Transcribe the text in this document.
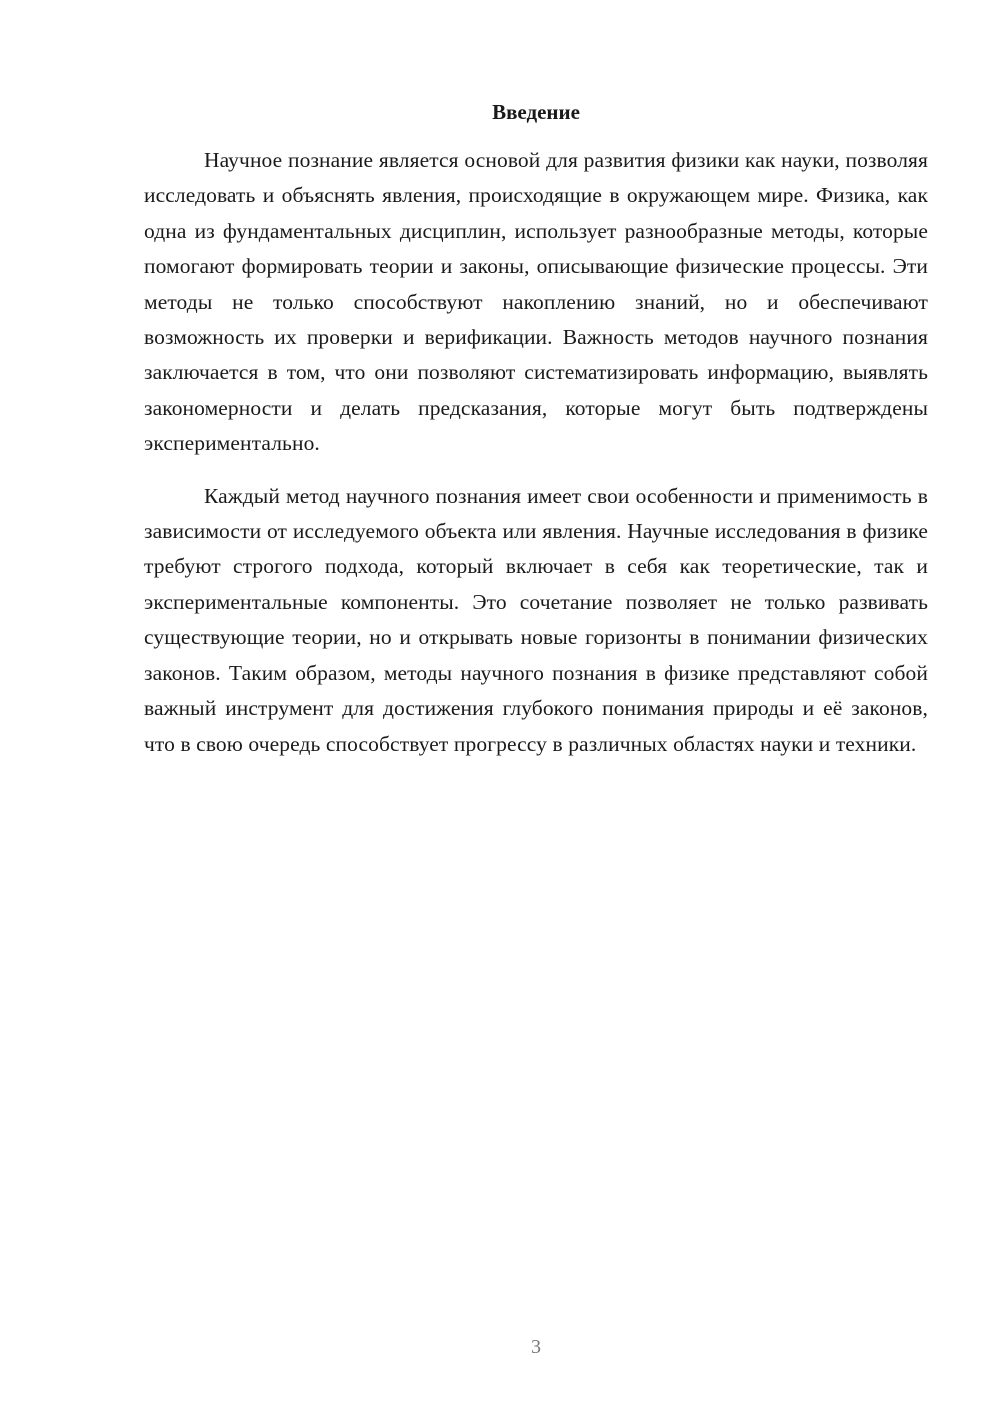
Введение

Научное познание является основой для развития физики как науки, позволяя исследовать и объяснять явления, происходящие в окружающем мире. Физика, как одна из фундаментальных дисциплин, использует разнообразные методы, которые помогают формировать теории и законы, описывающие физические процессы. Эти методы не только способствуют накоплению знаний, но и обеспечивают возможность их проверки и верификации. Важность методов научного познания заключается в том, что они позволяют систематизировать информацию, выявлять закономерности и делать предсказания, которые могут быть подтверждены экспериментально.

Каждый метод научного познания имеет свои особенности и применимость в зависимости от исследуемого объекта или явления. Научные исследования в физике требуют строгого подхода, который включает в себя как теоретические, так и экспериментальные компоненты. Это сочетание позволяет не только развивать существующие теории, но и открывать новые горизонты в понимании физических законов. Таким образом, методы научного познания в физике представляют собой важный инструмент для достижения глубокого понимания природы и её законов, что в свою очередь способствует прогрессу в различных областях науки и техники.

3
